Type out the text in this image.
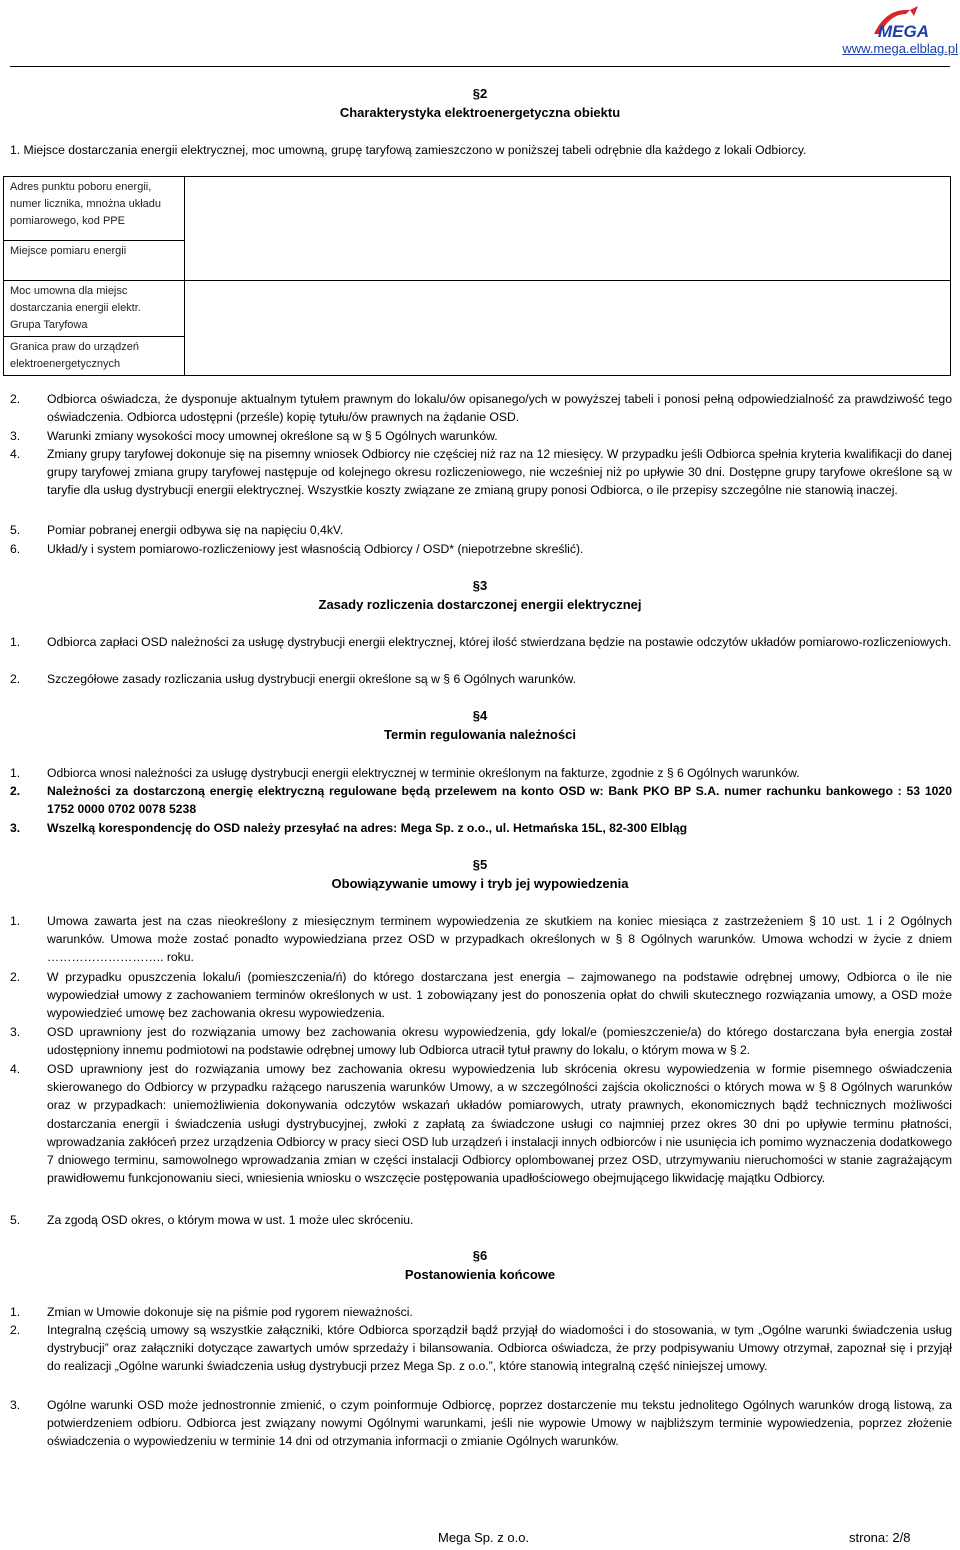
MEGA
www.mega.elblag.pl
§2
Charakterystyka elektroenergetyczna obiektu
1. Miejsce dostarczania energii elektrycznej, moc umowną, grupę taryfową zamieszczono w poniższej tabeli odrębnie dla każdego z lokali Odbiorcy.
Adres punktu poboru energii, numer licznika, mnożna układu pomiarowego, kod PPE	
Miejsce pomiaru energii	

Moc umowna dla miejsc dostarczania energii elektr.
Grupa Taryfowa	

Granica praw do urządzeń elektroenergetycznych	
2.	Odbiorca oświadcza, że dysponuje aktualnym tytułem prawnym do lokalu/ów opisanego/ych w powyższej tabeli i ponosi pełną odpowiedzialność za prawdziwość tego oświadczenia. Odbiorca udostępni (prześle) kopię tytułu/ów prawnych na żądanie OSD.
3.	Warunki zmiany wysokości mocy umownej określone są w § 5 Ogólnych warunków.
4.	Zmiany grupy taryfowej dokonuje się na pisemny wniosek Odbiorcy nie częściej niż raz na 12 miesięcy. W przypadku jeśli Odbiorca spełnia kryteria kwalifikacji do danej grupy taryfowej zmiana grupy taryfowej następuje od kolejnego okresu rozliczeniowego, nie wcześniej niż po upływie 30 dni. Dostępne grupy taryfowe określone są w taryfie dla usług dystrybucji energii elektrycznej. Wszystkie koszty związane ze zmianą grupy ponosi Odbiorca, o ile przepisy szczególne nie stanowią inaczej.
5.	Pomiar pobranej energii odbywa się na napięciu 0,4kV.
6.	Układ/y i system pomiarowo-rozliczeniowy jest własnością Odbiorcy / OSD* (niepotrzebne skreślić).
§3
Zasady rozliczenia dostarczonej energii elektrycznej
1.	Odbiorca zapłaci OSD należności za usługę dystrybucji energii elektrycznej, której ilość stwierdzana będzie na postawie odczytów układów pomiarowo-rozliczeniowych.
2.	Szczegółowe zasady rozliczania usług dystrybucji energii określone są w § 6 Ogólnych warunków.
§4
Termin regulowania należności
1.	Odbiorca wnosi należności za usługę dystrybucji energii elektrycznej w terminie określonym na fakturze, zgodnie z § 6 Ogólnych warunków.
2.	Należności za dostarczoną energię elektryczną regulowane będą przelewem na konto OSD w: Bank PKO BP S.A. numer rachunku bankowego : 53 1020 1752 0000 0702 0078 5238
3.	Wszelką korespondencję do OSD należy przesyłać na adres: Mega Sp. z o.o., ul. Hetmańska 15L, 82-300 Elbląg
§5
Obowiązywanie umowy i tryb jej wypowiedzenia
1.	Umowa zawarta jest na czas nieokreślony z miesięcznym terminem wypowiedzenia ze skutkiem na koniec miesiąca z zastrzeżeniem § 10 ust. 1 i 2 Ogólnych warunków. Umowa może zostać ponadto wypowiedziana przez OSD w przypadkach określonych w § 8 Ogólnych warunków. Umowa wchodzi w życie z dniem ……………………….. roku.
2.	W przypadku opuszczenia lokalu/i (pomieszczenia/ń) do którego dostarczana jest energia – zajmowanego na podstawie odrębnej umowy, Odbiorca o ile nie wypowiedział umowy z zachowaniem terminów określonych w ust. 1 zobowiązany jest do ponoszenia opłat do chwili skutecznego rozwiązania umowy, a OSD może wypowiedzieć umowę bez zachowania okresu wypowiedzenia.
3.	OSD uprawniony jest do rozwiązania umowy bez zachowania okresu wypowiedzenia, gdy lokal/e (pomieszczenie/a) do którego dostarczana była energia został udostępniony innemu podmiotowi na podstawie odrębnej umowy lub Odbiorca utracił tytuł prawny do lokalu, o którym mowa w § 2.
4.	OSD uprawniony jest do rozwiązania umowy bez zachowania okresu wypowiedzenia lub skrócenia okresu wypowiedzenia w formie pisemnego oświadczenia skierowanego do Odbiorcy w przypadku rażącego naruszenia warunków Umowy, a w szczególności zajścia okoliczności o których mowa w § 8 Ogólnych warunków oraz w przypadkach: uniemożliwienia dokonywania odczytów wskazań układów pomiarowych, utraty prawnych, ekonomicznych bądź technicznych możliwości dostarczania energii i świadczenia usługi dystrybucyjnej, zwłoki z zapłatą za świadczone usługi co najmniej przez okres 30 dni po upływie terminu płatności, wprowadzania zakłóceń przez urządzenia Odbiorcy w pracy sieci OSD lub urządzeń i instalacji innych odbiorców i nie usunięcia ich pomimo wyznaczenia dodatkowego 7 dniowego terminu, samowolnego wprowadzania zmian w części instalacji Odbiorcy oplombowanej przez OSD, utrzymywaniu nieruchomości w stanie zagrażającym prawidłowemu funkcjonowaniu sieci, wniesienia wniosku o wszczęcie postępowania upadłościowego obejmującego likwidację majątku Odbiorcy.
5.	Za zgodą OSD okres, o którym mowa w ust. 1 może ulec skróceniu.
§6
Postanowienia końcowe
1.	Zmian w Umowie dokonuje się na piśmie pod rygorem nieważności.
2.	Integralną częścią umowy są wszystkie załączniki, które Odbiorca sporządził bądź przyjął do wiadomości i do stosowania, w tym „Ogólne warunki świadczenia usług dystrybucji” oraz załączniki dotyczące zawartych umów sprzedaży i bilansowania. Odbiorca oświadcza, że przy podpisywaniu Umowy otrzymał, zapoznał się i przyjął do realizacji „Ogólne warunki świadczenia usług dystrybucji przez Mega Sp. z o.o.”, które stanowią integralną część niniejszej umowy.
3.	Ogólne warunki OSD może jednostronnie zmienić, o czym poinformuje Odbiorcę, poprzez dostarczenie mu tekstu jednolitego Ogólnych warunków drogą listową, za potwierdzeniem odbioru. Odbiorca jest związany nowymi Ogólnymi warunkami, jeśli nie wypowie Umowy w najbliższym terminie wypowiedzenia, poprzez złożenie oświadczenia o wypowiedzeniu w terminie 14 dni od otrzymania informacji o zmianie Ogólnych warunków.
Mega Sp. z o.o.	strona: 2/8
